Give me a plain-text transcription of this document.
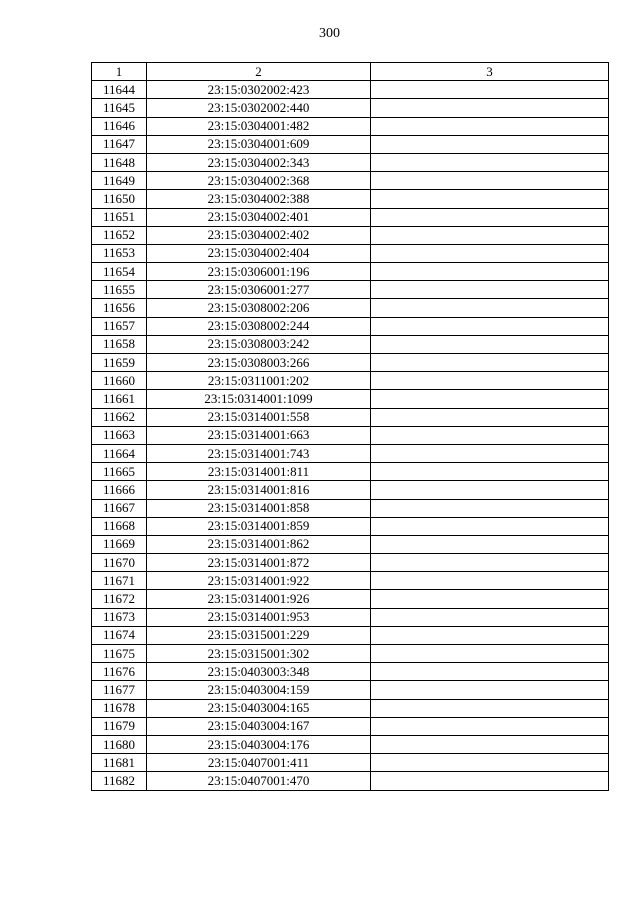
300
1	2	3
11644	23:15:0302002:423	
11645	23:15:0302002:440	
11646	23:15:0304001:482	
11647	23:15:0304001:609	
11648	23:15:0304002:343	
11649	23:15:0304002:368	
11650	23:15:0304002:388	
11651	23:15:0304002:401	
11652	23:15:0304002:402	
11653	23:15:0304002:404	
11654	23:15:0306001:196	
11655	23:15:0306001:277	
11656	23:15:0308002:206	
11657	23:15:0308002:244	
11658	23:15:0308003:242	
11659	23:15:0308003:266	
11660	23:15:0311001:202	
11661	23:15:0314001:1099	
11662	23:15:0314001:558	
11663	23:15:0314001:663	
11664	23:15:0314001:743	
11665	23:15:0314001:811	
11666	23:15:0314001:816	
11667	23:15:0314001:858	
11668	23:15:0314001:859	
11669	23:15:0314001:862	
11670	23:15:0314001:872	
11671	23:15:0314001:922	
11672	23:15:0314001:926	
11673	23:15:0314001:953	
11674	23:15:0315001:229	
11675	23:15:0315001:302	
11676	23:15:0403003:348	
11677	23:15:0403004:159	
11678	23:15:0403004:165	
11679	23:15:0403004:167	
11680	23:15:0403004:176	
11681	23:15:0407001:411	
11682	23:15:0407001:470	
